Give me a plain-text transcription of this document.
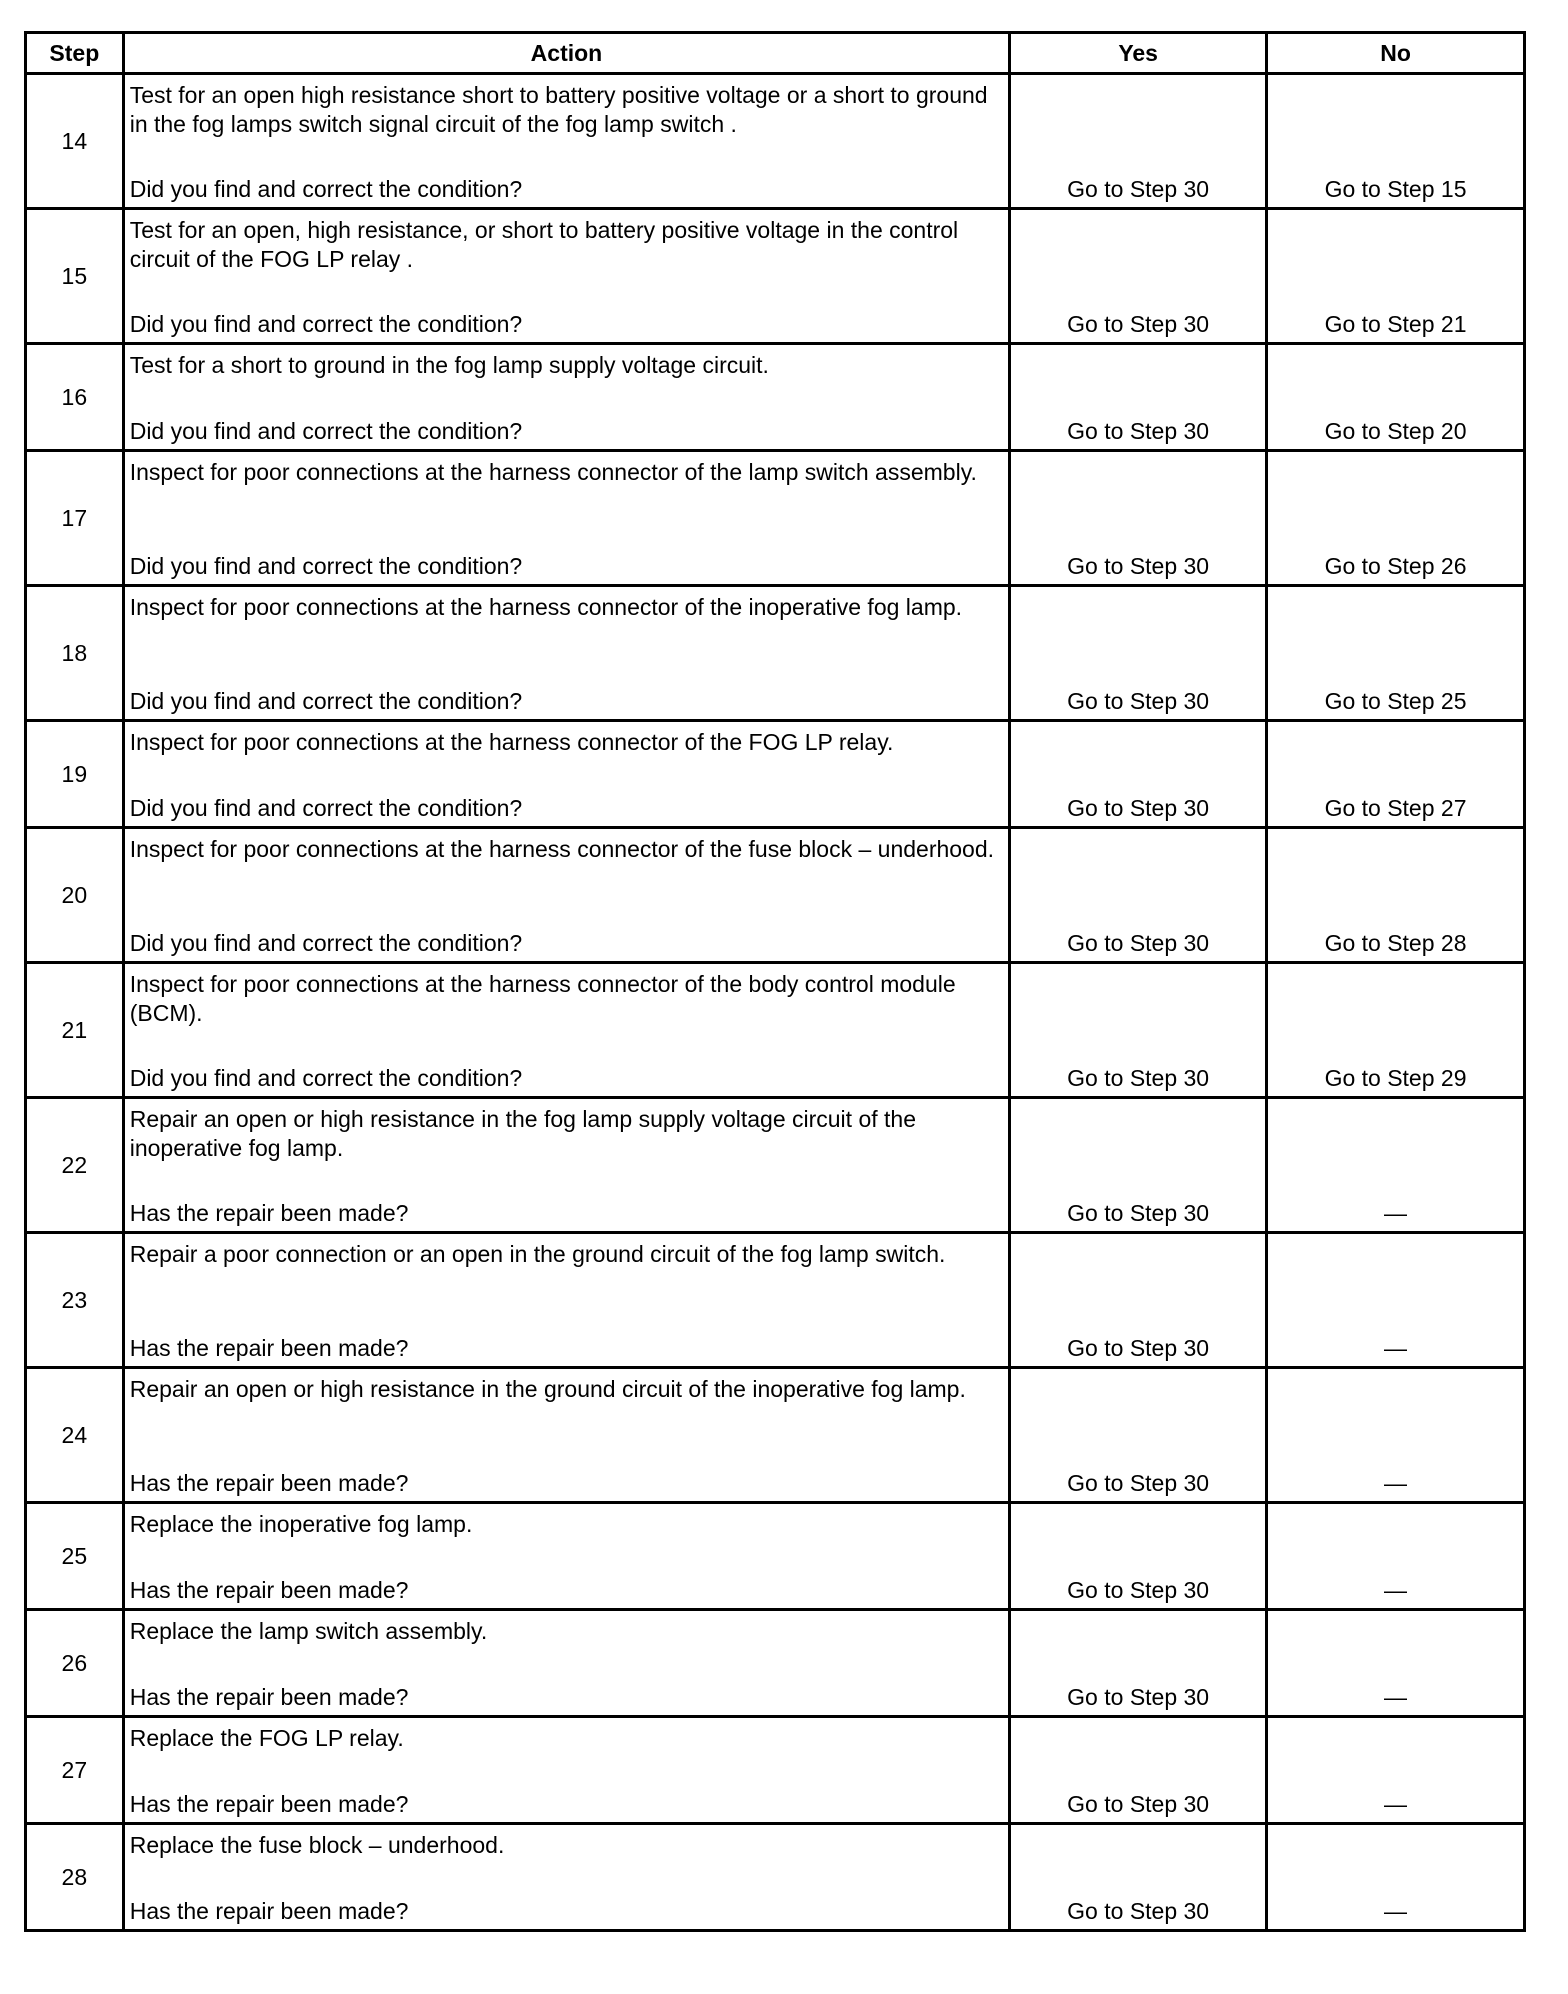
Step	Action	Yes	No
14	Test for an open high resistance short to battery positive voltage or a short to ground in the fog lamps switch signal circuit of the fog lamp switch .
Did you find and correct the condition?	Go to Step 30	Go to Step 15

15	Test for an open, high resistance, or short to battery positive voltage in the control circuit of the FOG LP relay .
Did you find and correct the condition?	Go to Step 30	Go to Step 21

16	Test for a short to ground in the fog lamp supply voltage circuit.
Did you find and correct the condition?	Go to Step 30	Go to Step 20

17	Inspect for poor connections at the harness connector of the lamp switch assembly.
Did you find and correct the condition?	Go to Step 30	Go to Step 26

18	Inspect for poor connections at the harness connector of the inoperative fog lamp.
Did you find and correct the condition?	Go to Step 30	Go to Step 25

19	Inspect for poor connections at the harness connector of the FOG LP relay.
Did you find and correct the condition?	Go to Step 30	Go to Step 27

20	Inspect for poor connections at the harness connector of the fuse block – underhood.
Did you find and correct the condition?	Go to Step 30	Go to Step 28

21	Inspect for poor connections at the harness connector of the body control module (BCM).
Did you find and correct the condition?	Go to Step 30	Go to Step 29

22	Repair an open or high resistance in the fog lamp supply voltage circuit of the inoperative fog lamp.
Has the repair been made?	Go to Step 30	—

23	Repair a poor connection or an open in the ground circuit of the fog lamp switch.
Has the repair been made?	Go to Step 30	—

24	Repair an open or high resistance in the ground circuit of the inoperative fog lamp.
Has the repair been made?	Go to Step 30	—

25	Replace the inoperative fog lamp.
Has the repair been made?	Go to Step 30	—

26	Replace the lamp switch assembly.
Has the repair been made?	Go to Step 30	—

27	Replace the FOG LP relay.
Has the repair been made?	Go to Step 30	—

28	Replace the fuse block – underhood.
Has the repair been made?	Go to Step 30	—
